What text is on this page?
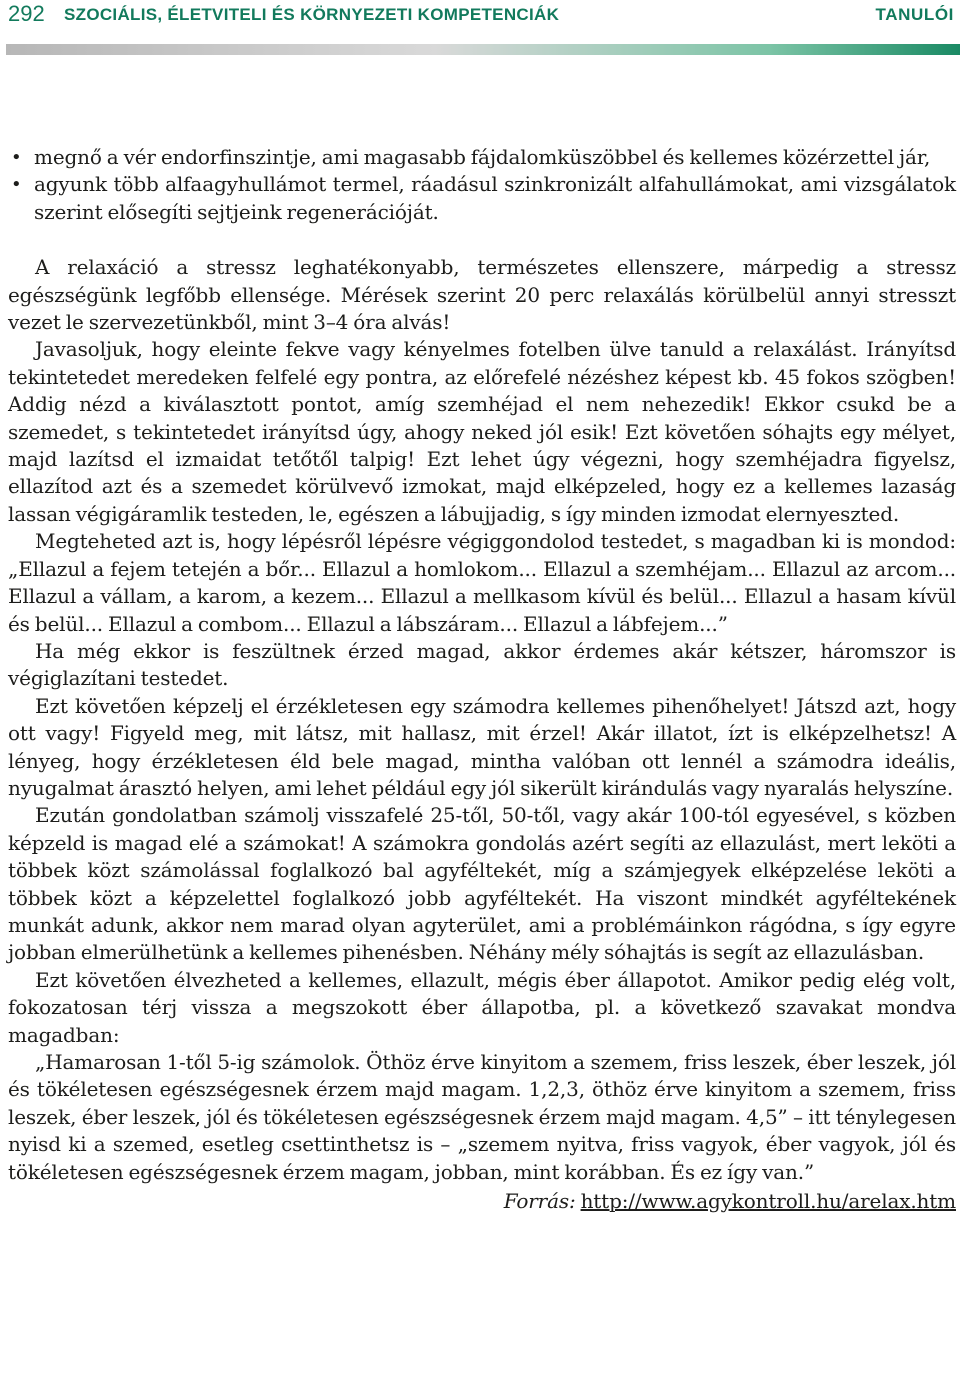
292 SZOCIÁLIS, ÉLETVITELI ÉS KÖRNYEZETI KOMPETENCIÁK	TANULÓI
• megnő a vér endorfinszintje, ami magasabb fájdalomküszöbbel és kellemes közérzettel jár,
• agyunk több alfaagyhullámot termel, ráadásul szinkronizált alfahullámokat, ami vizsgálatok szerint elősegíti sejtjeink regenerációját.

A relaxáció a stressz leghatékonyabb, természetes ellenszere, márpedig a stressz egészségünk legfőbb ellensége. Mérések szerint 20 perc relaxálás körülbelül annyi stresszt vezet le szervezetünkből, mint 3–4 óra alvás!

Javasoljuk, hogy eleinte fekve vagy kényelmes fotelben ülve tanuld a relaxálást. Irányítsd tekintetedet meredeken felfelé egy pontra, az előrefelé nézéshez képest kb. 45 fokos szögben! Addig nézd a kiválasztott pontot, amíg szemhéjad el nem nehezedik! Ekkor csukd be a szemedet, s tekintetedet irányítsd úgy, ahogy neked jól esik! Ezt követően sóhajts egy mélyet, majd lazítsd el izmaidat tetőtől talpig! Ezt lehet úgy végezni, hogy szemhéjadra figyelsz, ellazítod azt és a szemedet körülvevő izmokat, majd elképzeled, hogy ez a kellemes lazaság lassan végigáramlik testeden, le, egészen a lábujjadig, s így minden izmodat elernyeszted.

Megteheted azt is, hogy lépésről lépésre végiggondolod testedet, s magadban ki is mondod: „Ellazul a fejem tetején a bőr... Ellazul a homlokom... Ellazul a szemhéjam... Ellazul az arcom... Ellazul a vállam, a karom, a kezem... Ellazul a mellkasom kívül és belül... Ellazul a hasam kívül és belül... Ellazul a combom... Ellazul a lábszáram... Ellazul a lábfejem...”

Ha még ekkor is feszültnek érzed magad, akkor érdemes akár kétszer, háromszor is végiglazítani testedet.

Ezt követően képzelj el érzékletesen egy számodra kellemes pihenőhelyet! Játszd azt, hogy ott vagy! Figyeld meg, mit látsz, mit hallasz, mit érzel! Akár illatot, ízt is elképzelhetsz! A lényeg, hogy érzékletesen éld bele magad, mintha valóban ott lennél a számodra ideális, nyugalmat árasztó helyen, ami lehet például egy jól sikerült kirándulás vagy nyaralás helyszíne.

Ezután gondolatban számolj visszafelé 25-től, 50-től, vagy akár 100-tól egyesével, s közben képzeld is magad elé a számokat! A számokra gondolás azért segíti az ellazulást, mert leköti a többek közt számolással foglalkozó bal agyféltekét, míg a számjegyek elképzelése leköti a többek közt a képzelettel foglalkozó jobb agyféltekét. Ha viszont mindkét agyféltekének munkát adunk, akkor nem marad olyan agyterület, ami a problémáinkon rágódna, s így egyre jobban elmerülhetünk a kellemes pihenésben. Néhány mély sóhajtás is segít az ellazulásban.

Ezt követően élvezheted a kellemes, ellazult, mégis éber állapotot. Amikor pedig elég volt, fokozatosan térj vissza a megszokott éber állapotba, pl. a következő szavakat mondva magadban:

„Hamarosan 1-től 5-ig számolok. Öthöz érve kinyitom a szemem, friss leszek, éber leszek, jól és tökéletesen egészségesnek érzem majd magam. 1,2,3, öthöz érve kinyitom a szemem, friss leszek, éber leszek, jól és tökéletesen egészségesnek érzem majd magam. 4,5” – itt ténylegesen nyisd ki a szemed, esetleg csettinthetsz is – „szemem nyitva, friss vagyok, éber vagyok, jól és tökéletesen egészségesnek érzem magam, jobban, mint korábban. És ez így van.”

Forrás: http://www.agykontroll.hu/arelax.htm
